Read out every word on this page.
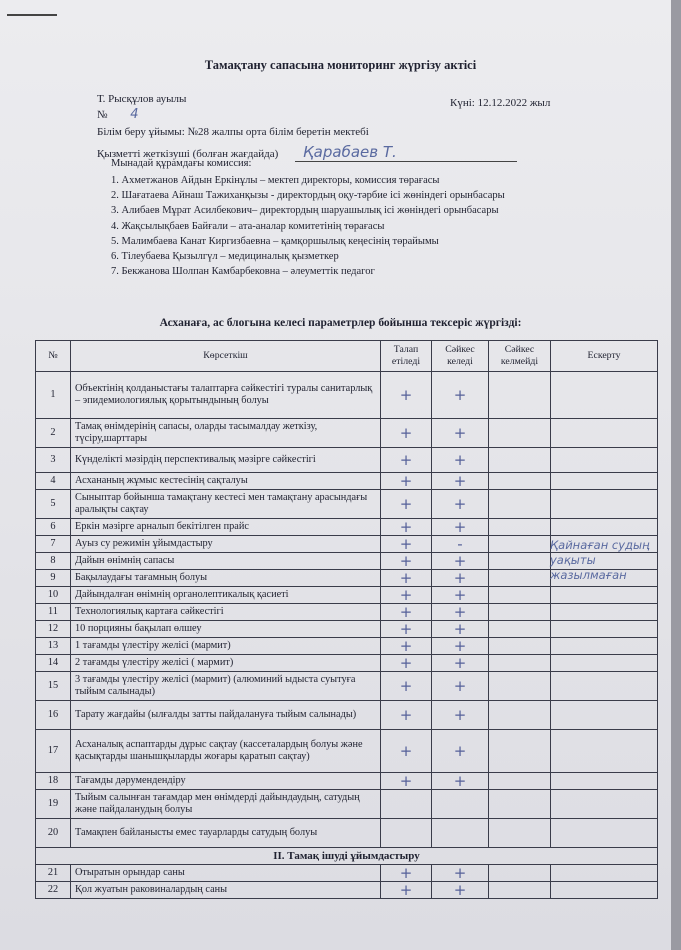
Тамақтану сапасына мониторинг жүргізу актісі
Т. Рысқұлов ауылы	Күні: 12.12.2022 жыл
№ 4
Білім беру ұйымы: №28 жалпы орта білім беретін мектебі
Қызметті жеткізуші (болған жағдайда) Қарабаев Т.
Мынадай құрамдағы комиссия:
1. Ахметжанов Айдын Еркінұлы – мектеп директоры, комиссия төрағасы
2. Шағатаева Айнаш Тажиханқызы - директордың оқу-тәрбие ісі жөніндегі орынбасары
3. Алибаев Мұрат Асилбекович– директордың шаруашылық ісі жөніндегі орынбасары
4. Жақсылықбаев Байғали – ата-аналар комитетінің төрағасы
5. Малимбаева Канат Киргизбаевна – қамқоршылық кеңесінің төрайымы
6. Тілеубаева Қызылгүл – медициналық қызметкер
7. Бекжанова Шолпан Камбарбековна – әлеуметтік педагог
Асханаға, ас блогына келесі параметрлер бойынша тексеріс жүргізді:
№	Көрсеткіш	Талап етіледі	Сәйкес келеді	Сәйкес келмейді	Ескерту
1	Объектінің қолданыстағы талаптарға сәйкестігі туралы санитарлық – эпидемиологиялық қорытындының болуы	+	+		
2	Тамақ өнімдерінің сапасы, оларды тасымалдау жеткізу, түсіру,шарттары	+	+		
3	Күнделікті мәзірдің перспективалық мәзірге сәйкестігі	+	+		
4	Асхананың жұмыс кестесінің сақталуы	+	+		
5	Сыныптар бойынша тамақтану кестесі мен тамақтану арасындағы аралықты сақтау	+	+		
6	Еркін мәзірге арналып бекітілген прайс	+	+		
7	Ауыз су режимін ұйымдастыру	+	-		
8	Дайын өнімнің сапасы	+	+		
9	Бақылаудағы тағамның болуы	+	+		
10	Дайындалған өнімнің органолептикалық қасиеті	+	+		
11	Технологиялық картаға сәйкестігі	+	+		
12	10 порцияны бақылап өлшеу	+	+		
13	1 тағамды үлестіру желісі (мармит)	+	+		
14	2 тағамды үлестіру желісі ( мармит)	+	+		
15	3 тағамды үлестіру желісі (мармит) (алюминий ыдыста суытуға тыйым салынады)	+	+		
16	Тарату жағдайы (ылғалды затты пайдалануға тыйым салынады)	+	+		
17	Асханалық аспаптарды дұрыс сақтау (кассеталардың болуы және қасықтарды шанышқыларды жоғары қаратып сақтау)	+	+		
18	Тағамды дәрумендендіру	+	+		
19	Тыйым салынған тағамдар мен өнімдерді дайындаудың, сатудың және пайдаланудың болуы				
20	Тамақпен байланысты емес тауарларды сатудың болуы				
II. Тамақ ішуді ұйымдастыру					
21	Отыратын орындар саны	+	+		
22	Қол жуатын раковиналардың саны	+	+		
Қайнаған судың уақыты жазылмаған
